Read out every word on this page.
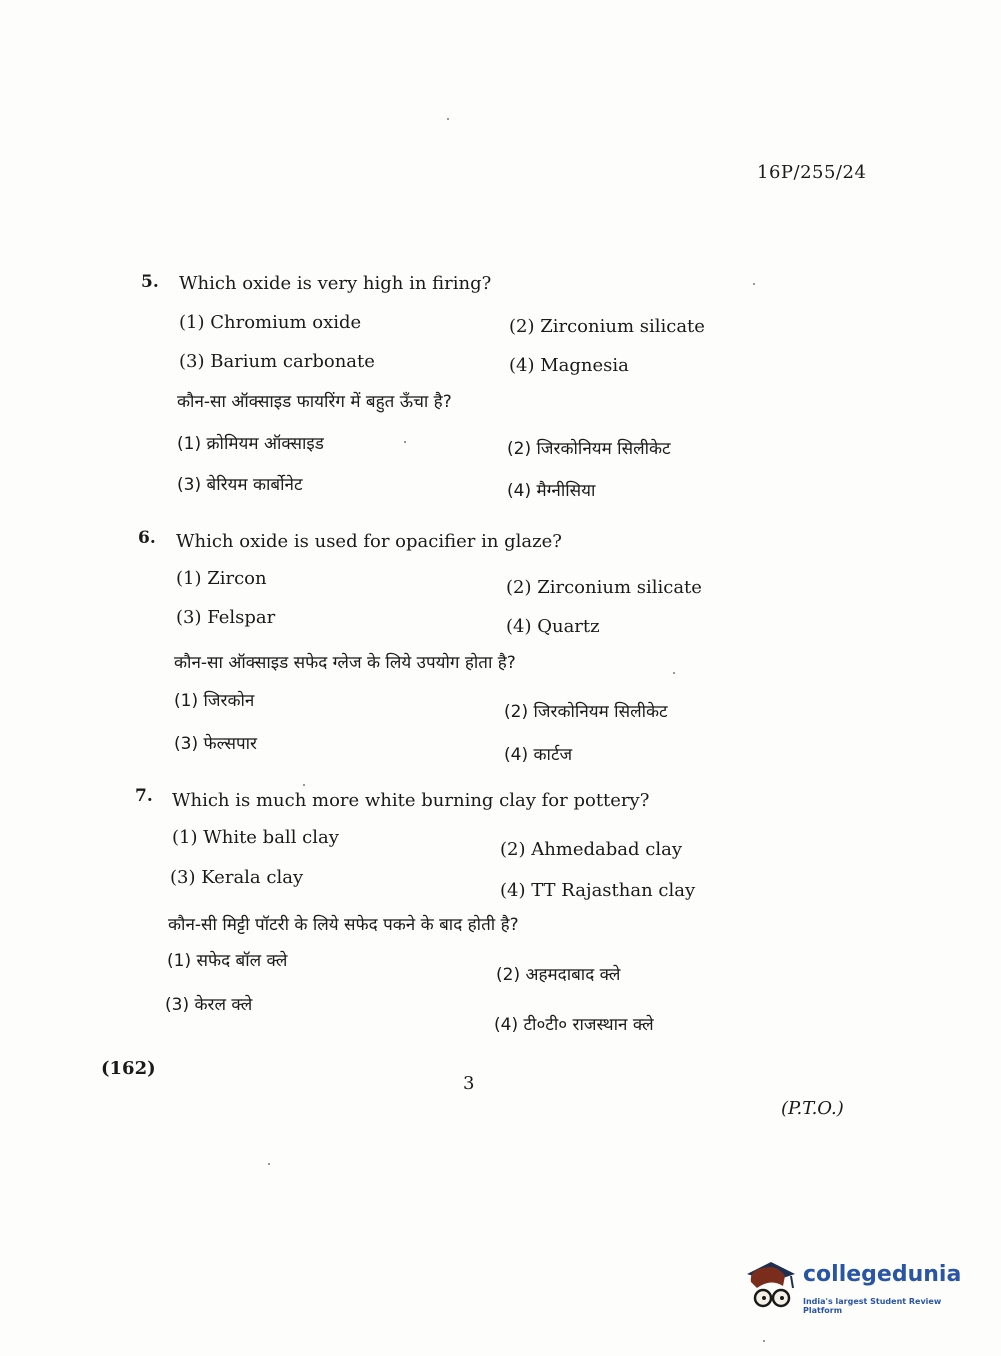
16P/255/24
5. Which oxide is very high in firing?
(1) Chromium oxide	(2) Zirconium silicate
(3) Barium carbonate	(4) Magnesia
कौन-सा ऑक्साइड फायरिंग में बहुत ऊँचा है?
(1) क्रोमियम ऑक्साइड	(2) जिरकोनियम सिलीकेट
(3) बेरियम कार्बोनेट	(4) मैग्नीसिया
6. Which oxide is used for opacifier in glaze?
(1) Zircon	(2) Zirconium silicate
(3) Felspar	(4) Quartz
कौन-सा ऑक्साइड सफेद ग्लेज के लिये उपयोग होता है?
(1) जिरकोन
(2) जिरकोनियम सिलीकेट
(3) फेल्सपार
(4) कार्टज
7. Which is much more white burning clay for pottery?
(1) White ball clay
(2) Ahmedabad clay
(3) Kerala clay
(4) TT Rajasthan clay
कौन-सी मिट्टी पॉटरी के लिये सफेद पकने के बाद होती है?
(1) सफेद बॉल क्ले
(2) अहमदाबाद क्ले
(3) केरल क्ले
(4) टी०टी० राजस्थान क्ले
(162)
3
(P.T.O.)
collegedunia
India's largest Student Review Platform
